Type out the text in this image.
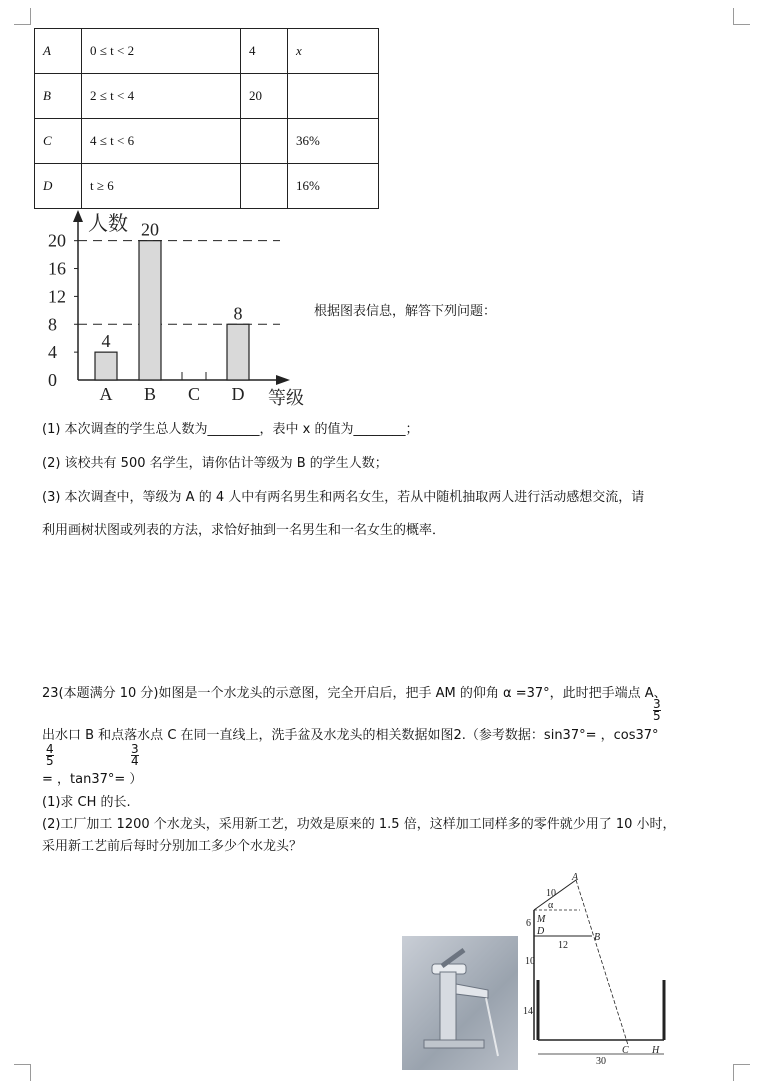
A	0 ≤ t < 2	4	x
B	2 ≤ t < 4	20	
C	4 ≤ t < 6		36%
D	t ≥ 6		16%
人数
等级
0
4
8
12
16
20
4
A
20
B C
8
D
根据图表信息，解答下列问题：
(1) 本次调查的学生总人数为________，表中 x 的值为________；
(2) 该校共有 500 名学生，请你估计等级为 B 的学生人数；
(3) 本次调查中，等级为 A 的 4 人中有两名男生和两名女生，若从中随机抽取两人进行活动感想交流，请
利用画树状图或列表的方法，求恰好抽到一名男生和一名女生的概率．
23(本题满分 10 分)如图是一个水龙头的示意图，完全开启后，把手 AM 的仰角 α =37°，此时把手端点 A、
出水口 B 和点落水点 C 在同一直线上，洗手盆及水龙头的相关数据如图2.（参考数据：sin37°= ，cos37°
$\frac{3}{5}$
= ，tan37°= ）
$\frac{4}{5}$	$\frac{3}{4}$
(1)求 CH 的长.
(2)工厂加工 1200 个水龙头，采用新工艺，功效是原来的 1.5 倍，这样加工同样多的零件就少用了 10 小时，
采用新工艺前后每时分别加工多少个水龙头？
A
α
M
D
B
C H
10
6
12
10
14
30
